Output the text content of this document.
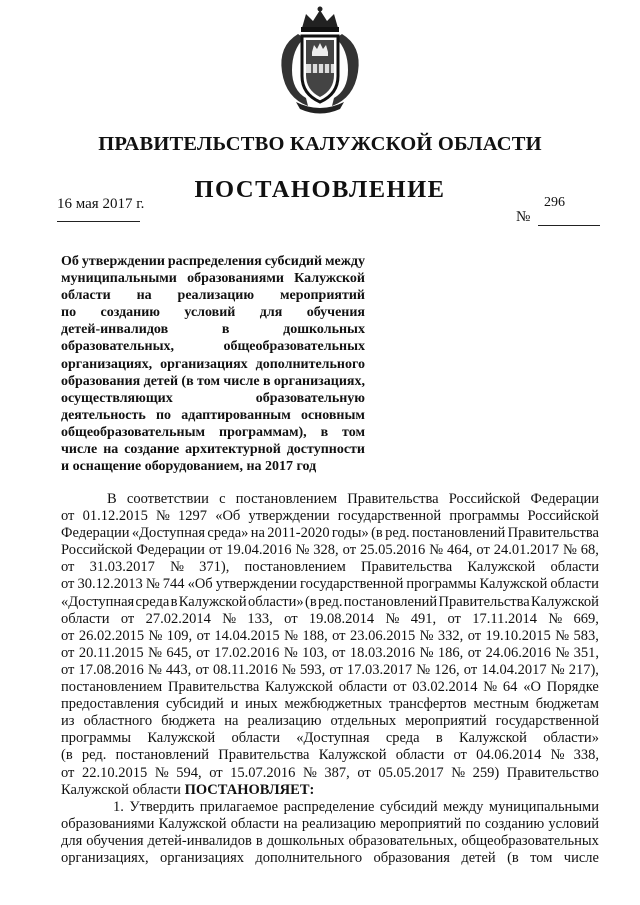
ПРАВИТЕЛЬСТВО КАЛУЖСКОЙ ОБЛАСТИ
16 мая 2017 г.
ПОСТАНОВЛЕНИЕ	296
№
Об утверждении распределения субсидий между
муниципальными образованиями Калужской
области на реализацию мероприятий
по созданию условий для обучения
детей-инвалидов	в	дошкольных
образовательных,	общеобразовательных
организациях, организациях дополнительного
образования детей (в том числе в организациях,
осуществляющих	образовательную
деятельность по адаптированным основным
общеобразовательным программам), в том
числе на создание архитектурной доступности
и оснащение оборудованием, на 2017 год
В соответствии с постановлением Правительства Российской Федерации
от 01.12.2015 № 1297 «Об утверждении государственной программы Российской
Федерации «Доступная среда» на 2011-2020 годы» (в ред. постановлений Правительства
Российской Федерации от 19.04.2016 № 328, от 25.05.2016 № 464, от 24.01.2017 № 68,
от 31.03.2017 № 371), постановлением Правительства Калужской области
от 30.12.2013 № 744 «Об утверждении государственной программы Калужской области
«Доступная среда в Калужской области» (в ред. постановлений Правительства Калужской
области от 27.02.2014 № 133, от 19.08.2014 № 491, от 17.11.2014 № 669,
от 26.02.2015 № 109, от 14.04.2015 № 188, от 23.06.2015 № 332, от 19.10.2015 № 583,
от 20.11.2015 № 645, от 17.02.2016 № 103, от 18.03.2016 № 186, от 24.06.2016 № 351,
от 17.08.2016 № 443, от 08.11.2016 № 593, от 17.03.2017 № 126, от 14.04.2017 № 217),
постановлением Правительства Калужской области от 03.02.2014 № 64 «О Порядке
предоставления субсидий и иных межбюджетных трансфертов местным бюджетам
из областного бюджета на реализацию отдельных мероприятий государственной
программы Калужской области «Доступная среда в Калужской области»
(в ред. постановлений Правительства Калужской области от 04.06.2014 № 338,
от 22.10.2015 № 594, от 15.07.2016 № 387, от 05.05.2017 № 259) Правительство
Калужской области
ПОСТАНОВЛЯЕТ:
1. Утвердить прилагаемое распределение субсидий между муниципальными
образованиями Калужской области на реализацию мероприятий по созданию условий
для обучения детей-инвалидов в дошкольных образовательных, общеобразовательных
организациях, организациях дополнительного образования детей (в том числе
